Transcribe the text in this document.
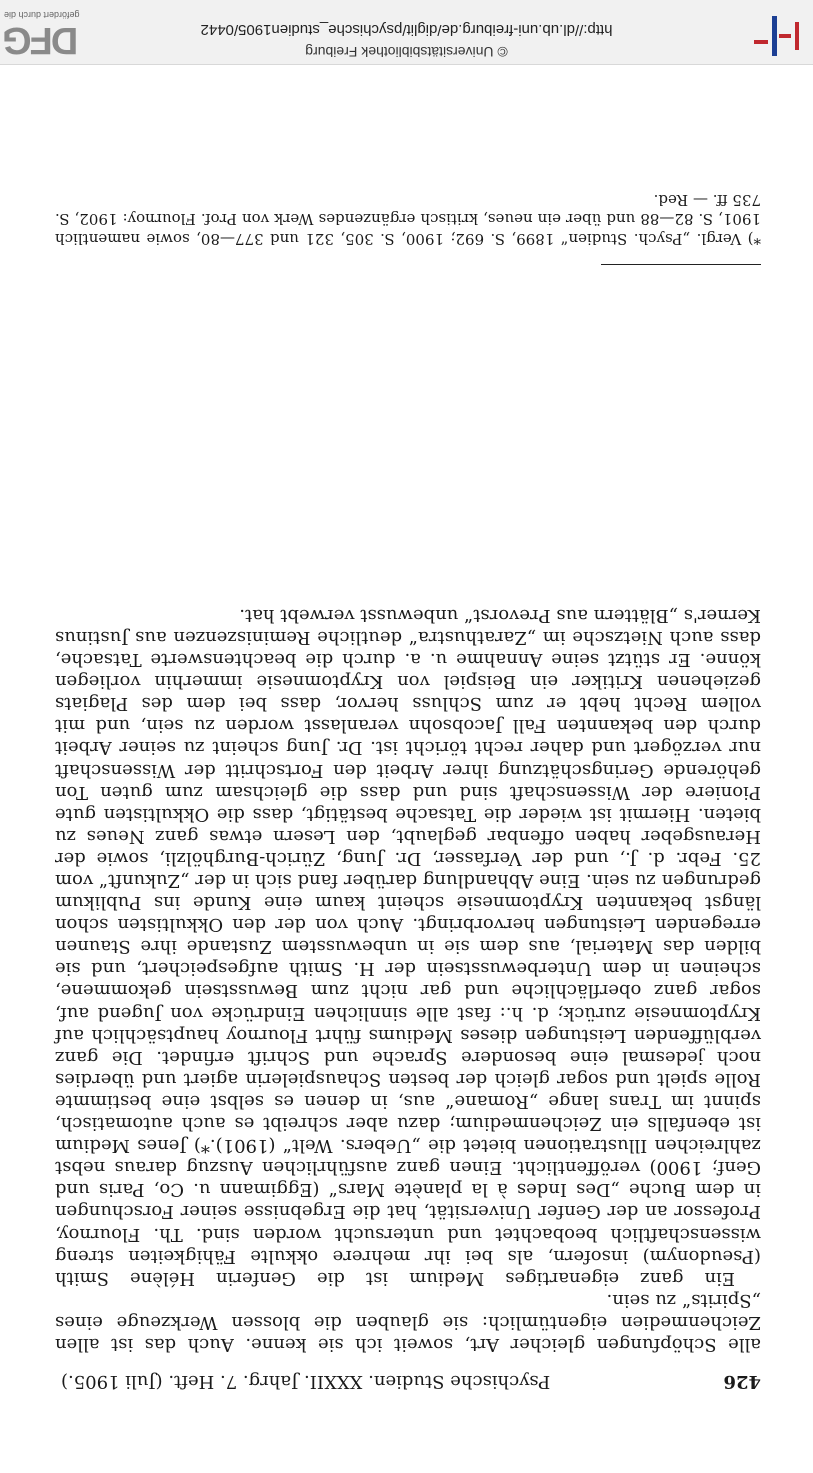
426
Psychische Studien. XXXII. Jahrg. 7. Heft. (Juli 1905.)

alle Schöpfungen gleicher Art, soweit ich sie kenne. Auch das ist allen Zeichenmedien eigentümlich: sie glauben die blossen Werkzeuge eines „Spirits“ zu sein.

Ein ganz eigenartiges Medium ist die Genferin Hélène Smith (Pseudonym) insofern, als bei ihr mehrere okkulte Fähigkeiten streng wissenschaftlich beobachtet und untersucht worden sind. Th. Flournoy, Professor an der Genfer Universität, hat die Ergebnisse seiner Forschungen in dem Buche „Des Indes à la planète Mars“ (Eggimann u. Co, Paris und Genf; 1900) veröffentlicht. Einen ganz ausführlichen Auszug daraus nebst zahlreichen Illustrationen bietet die „Uebers. Welt“ (1901).*) Jenes Medium ist ebenfalls ein Zeichenmedium; dazu aber schreibt es auch automatisch, spinnt im Trans lange „Romane“ aus, in denen es selbst eine bestimmte Rolle spielt und sogar gleich der besten Schauspielerin agiert und überdies noch jedesmal eine besondere Sprache und Schrift erfindet. Die ganz verblüffenden Leistungen dieses Mediums führt Flournoy hauptsächlich auf Kryptomnesie zurück; d. h.: fast alle sinnlichen Eindrücke von Jugend auf, sogar ganz oberflächliche und gar nicht zum Bewusstsein gekommene, scheinen in dem Unterbewusstsein der H. Smith aufgespeichert, und sie bilden das Material, aus dem sie in unbewusstem Zustande ihre Staunen erregenden Leistungen hervorbringt. Auch von der den Okkultisten schon längst bekannten Kryptomnesie scheint kaum eine Kunde ins Publikum gedrungen zu sein. Eine Abhandlung darüber fand sich in der „Zukunft“ vom 25. Febr. d. J., und der Verfasser, Dr. Jung, Zürich-Burghölzli, sowie der Herausgeber haben offenbar geglaubt, den Lesern etwas ganz Neues zu bieten. Hiermit ist wieder die Tatsache bestätigt, dass die Okkultisten gute Pioniere der Wissenschaft sind und dass die gleichsam zum guten Ton gehörende Geringschätzung ihrer Arbeit den Fortschritt der Wissenschaft nur verzögert und daher recht töricht ist. Dr. Jung scheint zu seiner Arbeit durch den bekannten Fall Jacobsohn veranlasst worden zu sein, und mit vollem Recht hebt er zum Schluss hervor, dass bei dem des Plagiats geziehenen Kritiker ein Beispiel von Kryptomnesie immerhin vorliegen könne. Er stützt seine Annahme u. a. durch die beachtenswerte Tatsache, dass auch Nietzsche im „Zarathustra“ deutliche Reminiszenzen aus Justinus Kerner's „Blättern aus Prevorst“ unbewusst verwebt hat.

*) Vergl. „Psych. Studien“ 1899, S. 692; 1900, S. 305, 321 und 377—80, sowie namentlich 1901, S. 82—88 und über ein neues, kritisch ergänzendes Werk von Prof. Flournoy: 1902, S. 735 ff. — Red.
© Universitätsbibliothek Freiburg
http://dl.ub.uni-freiburg.de/diglit/psychische_studien1905/0442
DFG
gefördert durch die
